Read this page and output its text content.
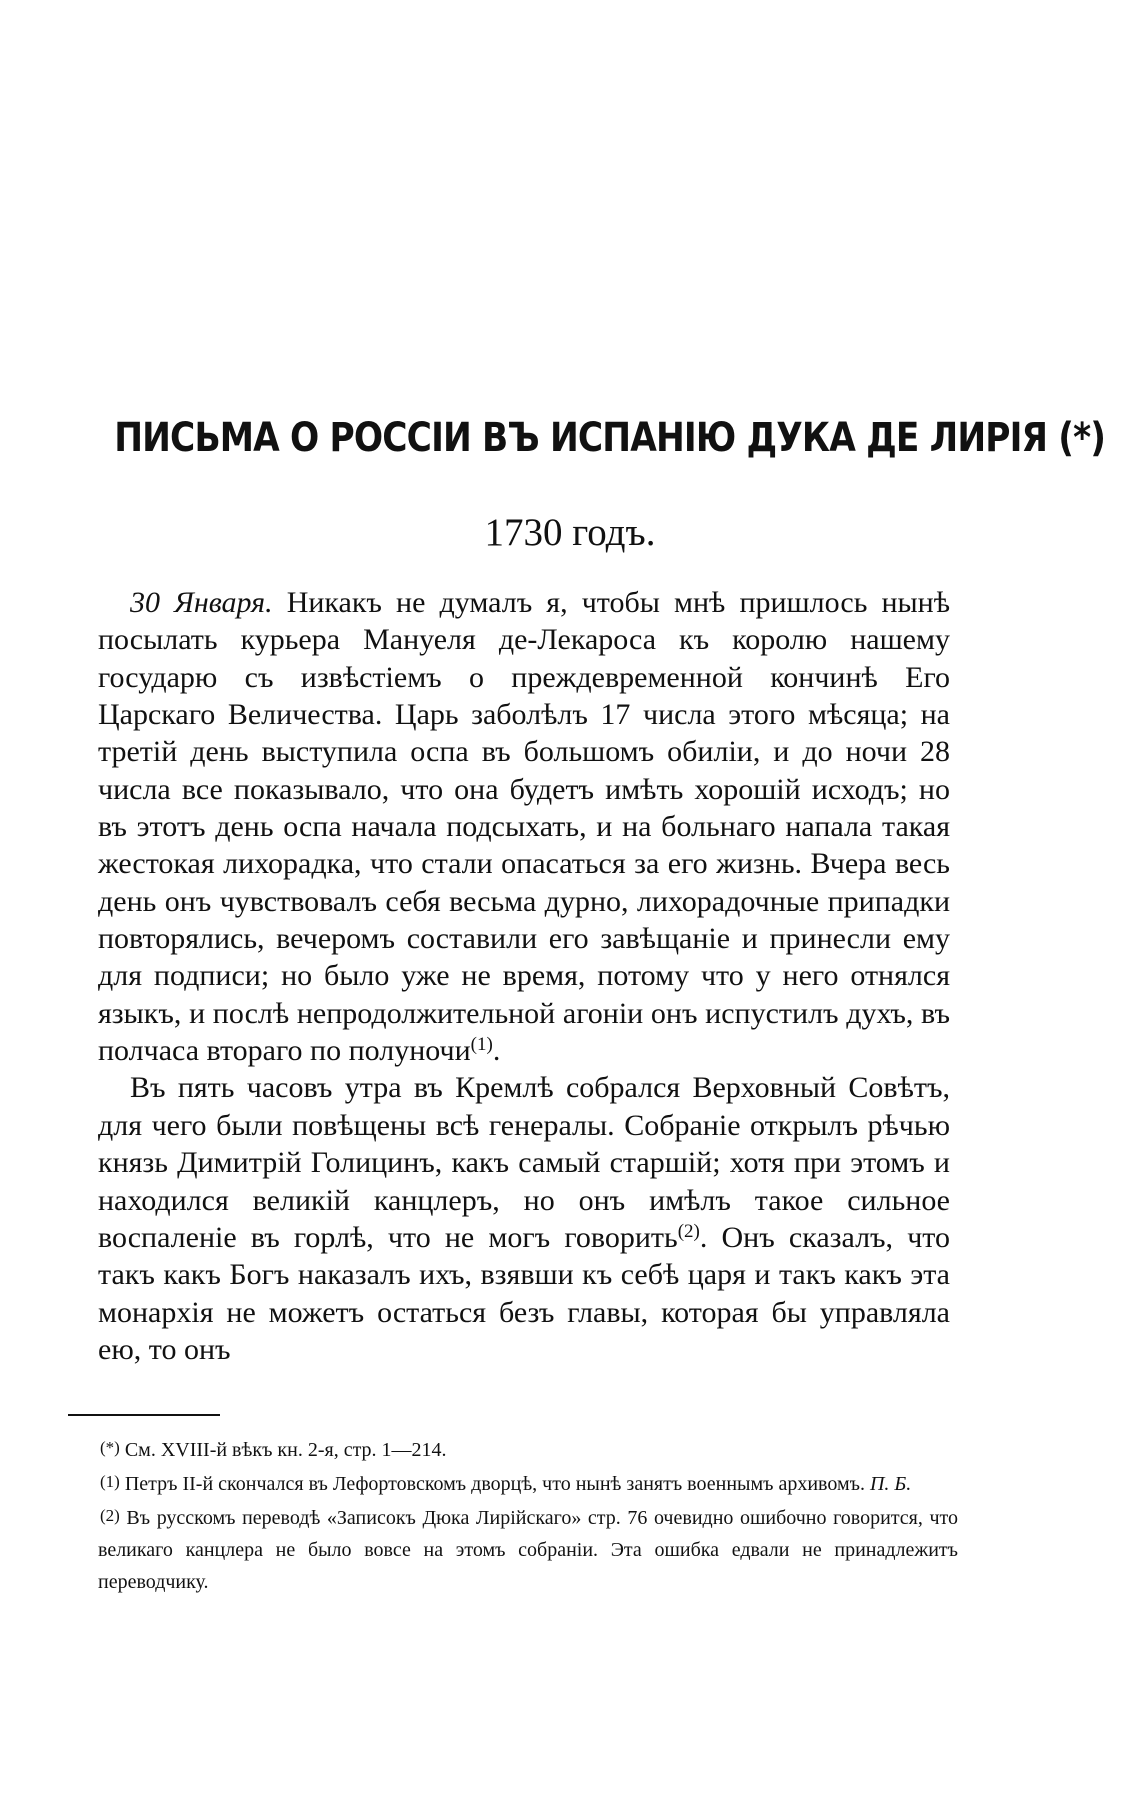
ПИСЬМА О РОССІИ ВЪ ИСПАНІЮ ДУКА ДЕ ЛИРІЯ (*)
1730 годъ.

30 Января. Никакъ не думалъ я, чтобы мнѣ пришлось нынѣ посылать курьера Мануеля де-Лекароса къ королю нашему государю съ извѣстіемъ о преждевременной кончинѣ Его Царскаго Величества. Царь заболѣлъ 17 числа этого мѣсяца; на третій день выступила оспа въ большомъ обиліи, и до ночи 28 числа все показывало, что она будетъ имѣть хорошій исходъ; но въ этотъ день оспа начала подсыхать, и на больнаго напала такая жестокая лихорадка, что стали опасаться за его жизнь. Вчера весь день онъ чувствовалъ себя весьма дурно, лихорадочные припадки повторялись, вечеромъ составили его завѣщаніе и принесли ему для подписи; но было уже не время, потому что у него отнялся языкъ, и послѣ непродолжительной агоніи онъ испустилъ духъ, въ полчаса втораго по полуночи$^{(1)}$.

Въ пять часовъ утра въ Кремлѣ собрался Верховный Совѣтъ, для чего были повѣщены всѣ генералы. Собраніе открылъ рѣчью князь Димитрій Голицинъ, какъ самый старшій; хотя при этомъ и находился великій канцлеръ, но онъ имѣлъ такое сильное воспаленіе въ горлѣ, что не могъ говорить$^{(2)}$. Онъ сказалъ, что такъ какъ Богъ наказалъ ихъ, взявши къ себѣ царя и такъ какъ эта монархія не можетъ остаться безъ главы, которая бы управляла ею, то онъ

(*) См. XVIII-й вѣкъ кн. 2-я, стр. 1—214.

(1) Петръ II-й скончался въ Лефортовскомъ дворцѣ, что нынѣ занятъ военнымъ архивомъ. П. Б.

(2) Въ русскомъ переводѣ «Записокъ Дюка Лирійскаго» стр. 76 очевидно ошибочно говорится, что великаго канцлера не было вовсе на этомъ собраніи. Эта ошибка едвали не принадлежитъ переводчику.
